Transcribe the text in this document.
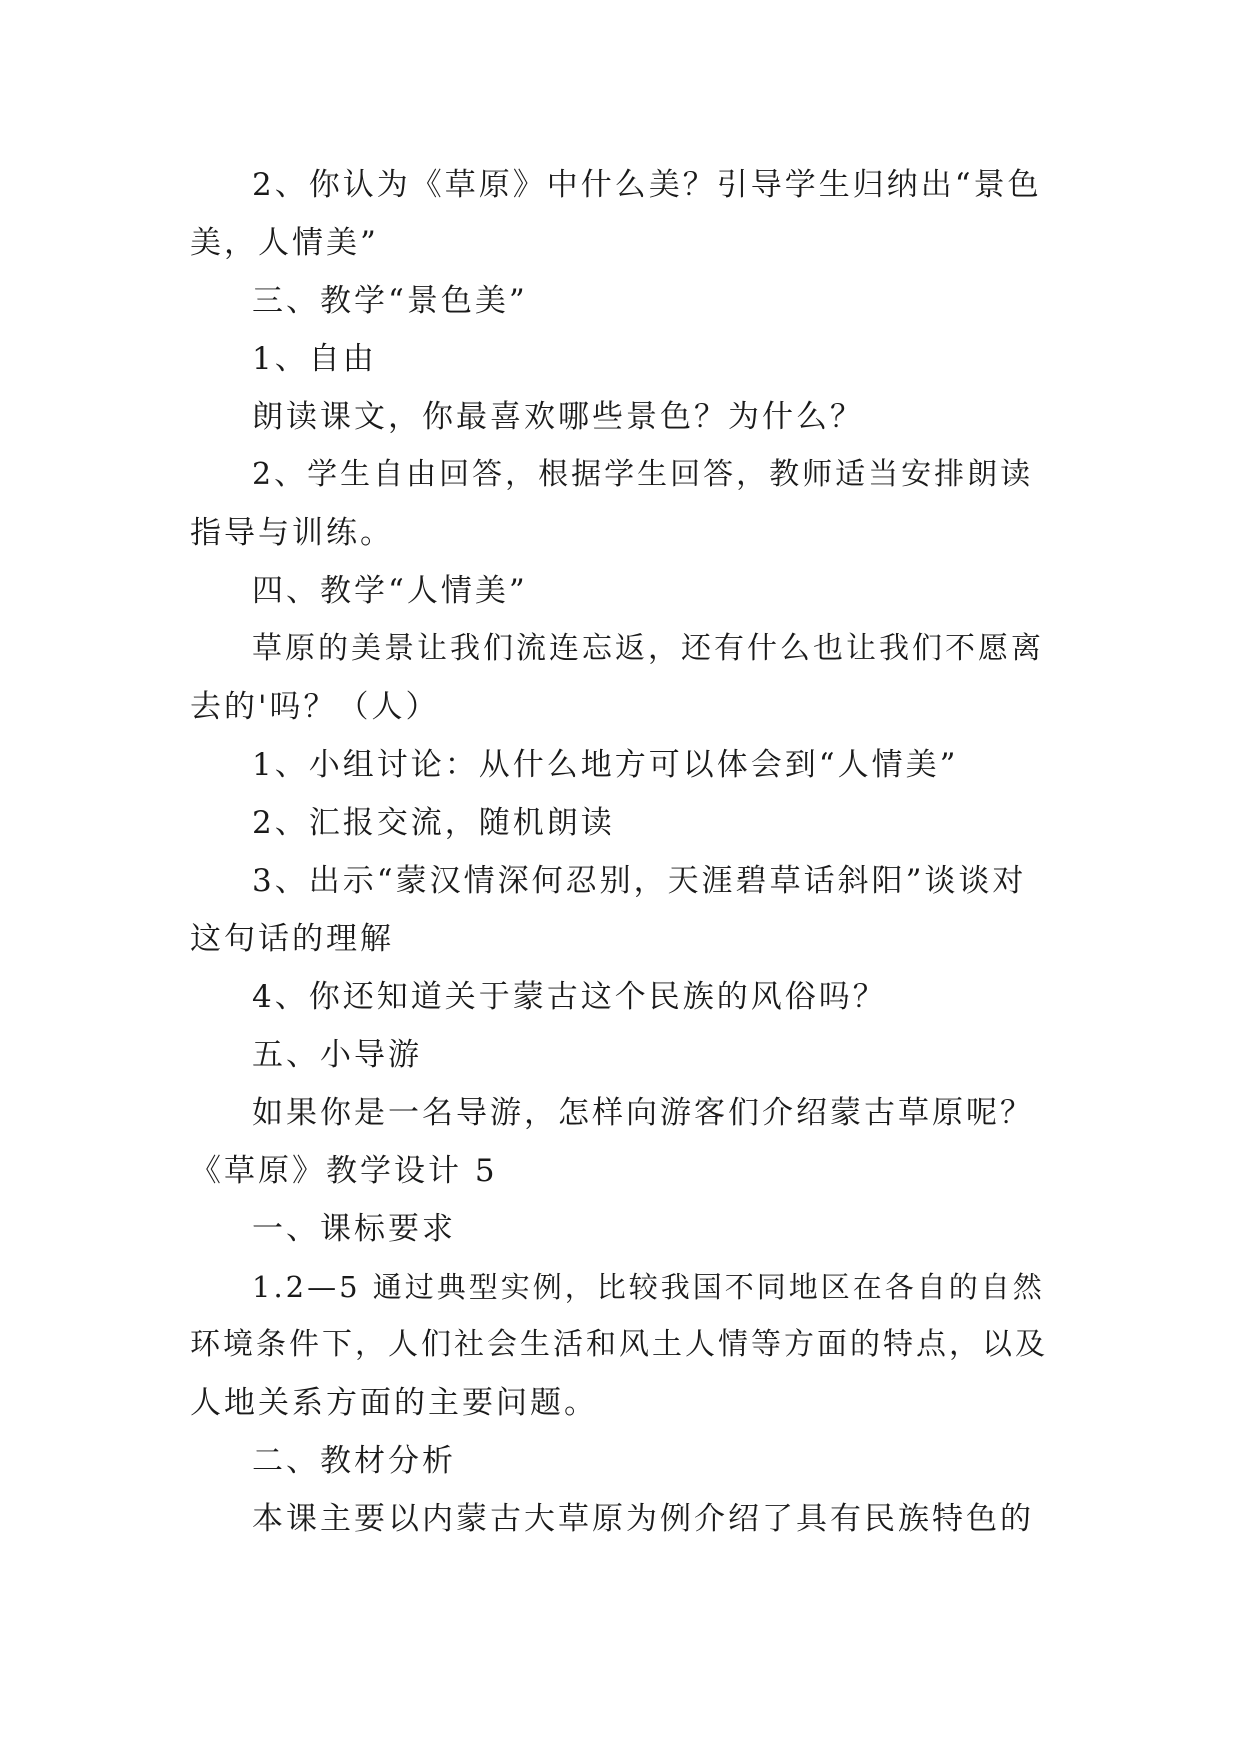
2、你认为《草原》中什么美？引导学生归纳出“景色
美，人情美”
三、教学“景色美”
1、自由
朗读课文，你最喜欢哪些景色？为什么？
2、学生自由回答，根据学生回答，教师适当安排朗读
指导与训练。
四、教学“人情美”
草原的美景让我们流连忘返，还有什么也让我们不愿离
去的'吗？（人）
1、小组讨论：从什么地方可以体会到“人情美”
2、汇报交流，随机朗读
3、出示“蒙汉情深何忍别，天涯碧草话斜阳”谈谈对
这句话的理解
4、你还知道关于蒙古这个民族的风俗吗？
五、小导游
如果你是一名导游，怎样向游客们介绍蒙古草原呢？
《草原》教学设计 5
一、课标要求
1.2—5 通过典型实例，比较我国不同地区在各自的自然
环境条件下，人们社会生活和风土人情等方面的特点，以及
人地关系方面的主要问题。
二、教材分析
本课主要以内蒙古大草原为例介绍了具有民族特色的
